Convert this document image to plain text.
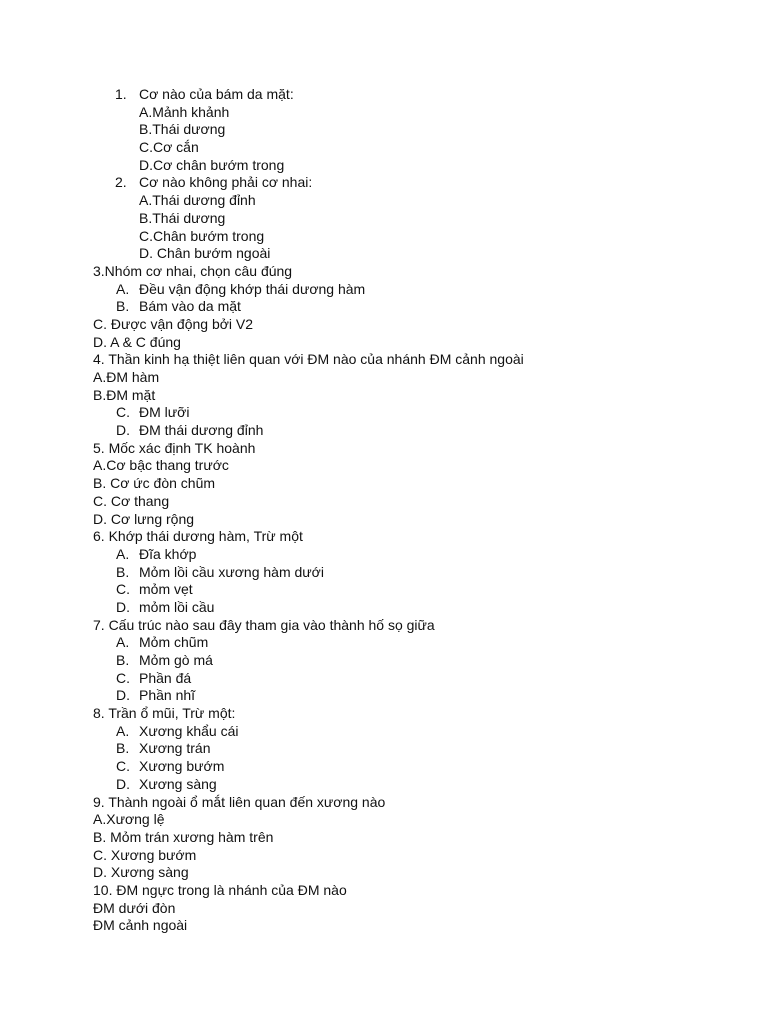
1. Cơ nào của bám da mặt:
A.Mảnh khảnh
B.Thái dương
C.Cơ cắn
D.Cơ chân bướm trong
2. Cơ nào không phải cơ nhai:
A.Thái dương đỉnh
B.Thái dương
C.Chân bướm trong
D. Chân bướm ngoài
3.Nhóm cơ nhai, chọn câu đúng
A. Đều vận động khớp thái dương hàm
B. Bám vào da mặt
C. Được vận động bởi V2
D. A & C đúng
4. Thần kinh hạ thiệt liên quan với ĐM nào của nhánh ĐM cảnh ngoài
A.ĐM hàm
B.ĐM mặt
C. ĐM lưỡi
D. ĐM thái dương đỉnh
5. Mốc xác định TK hoành
A.Cơ bậc thang trước
B. Cơ ức đòn chũm
C. Cơ thang
D. Cơ lưng rộng
6. Khớp thái dương hàm, Trừ một
A. Đĩa khớp
B. Mỏm lồi cầu xương hàm dưới
C. mỏm vẹt
D. mỏm lồi cầu
7. Cấu trúc nào sau đây tham gia vào thành hố sọ giữa
A. Mỏm chũm
B. Mỏm gò má
C. Phần đá
D. Phần nhĩ
8. Trần ổ mũi, Trừ một:
A. Xương khẩu cái
B. Xương trán
C. Xương bướm
D. Xương sàng
9. Thành ngoài ổ mắt liên quan đến xương nào
A.Xương lệ
B. Mỏm trán xương hàm trên
C. Xương bướm
D. Xương sàng
10. ĐM ngực trong là nhánh của ĐM nào
ĐM dưới đòn
ĐM cảnh ngoài
